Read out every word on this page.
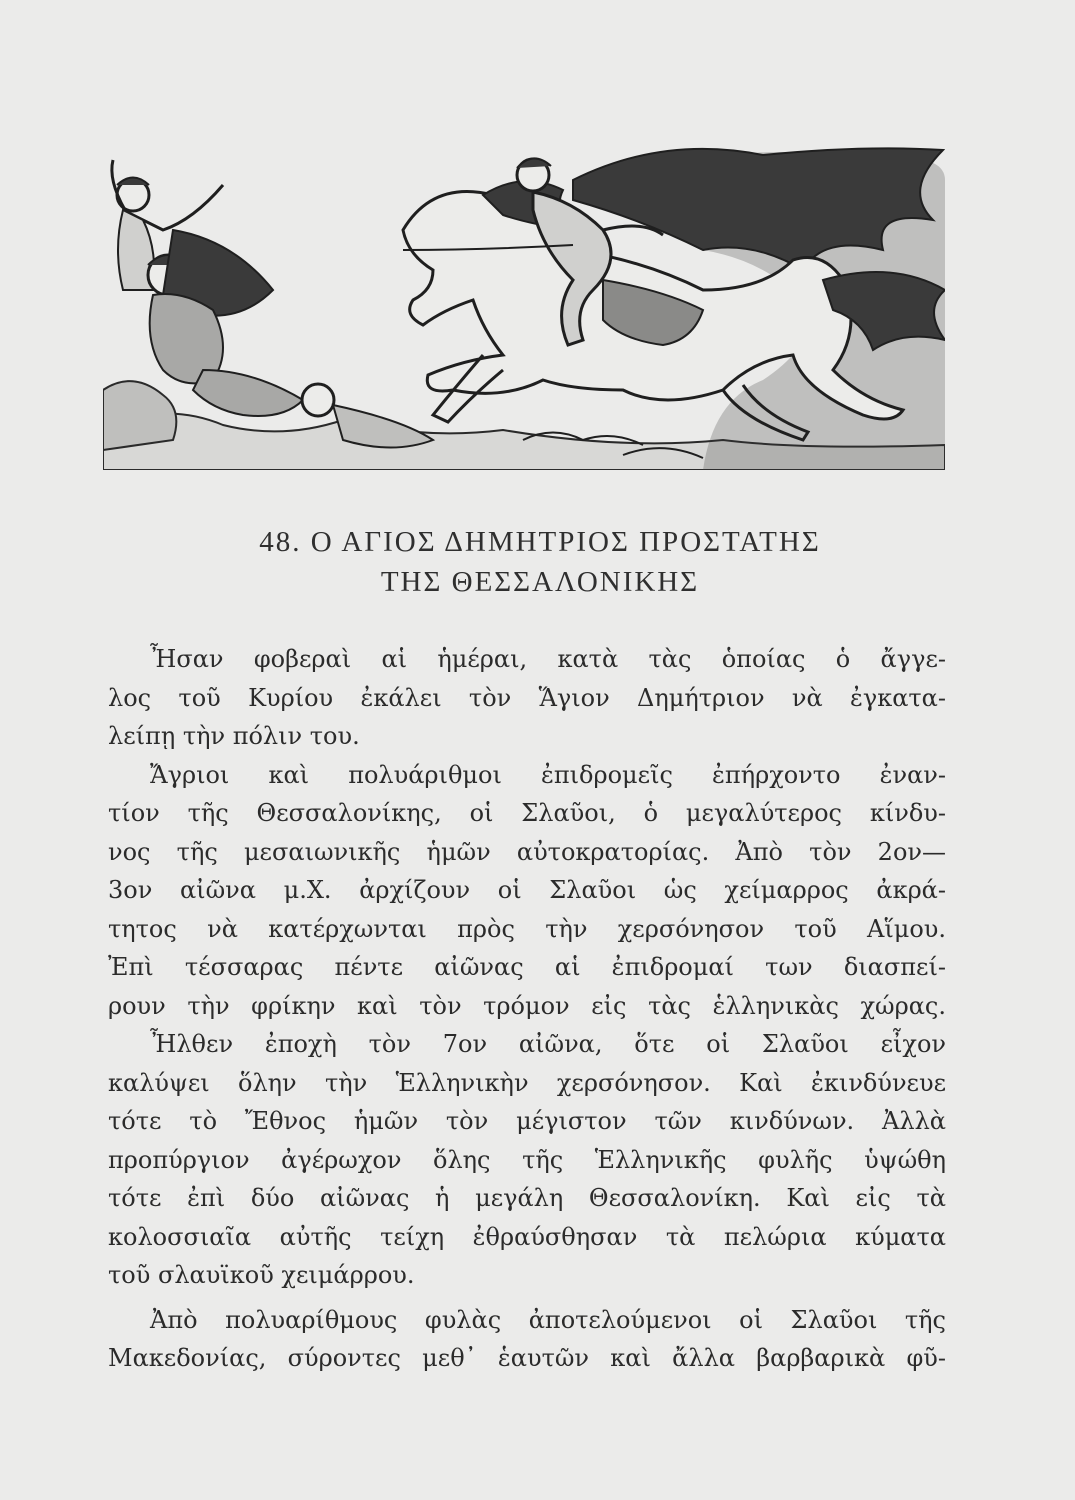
48. Ο ΑΓΙΟΣ ΔΗΜΗΤΡΙΟΣ ΠΡΟΣΤΑΤΗΣ
ΤΗΣ ΘΕΣΣΑΛΟΝΙΚΗΣ

Ἦσαν φοβεραὶ αἱ ἡμέραι, κατὰ τὰς ὁποίας ὁ ἄγγε-
λος τοῦ Κυρίου ἐκάλει τὸν Ἅγιον Δημήτριον νὰ ἐγκατα-
λείπῃ τὴν πόλιν του.

Ἄγριοι καὶ πολυάριθμοι ἐπιδρομεῖς ἐπήρχοντο ἐναν-
τίον τῆς Θεσσαλονίκης, οἱ Σλαῦοι, ὁ μεγαλύτερος κίνδυ-
νος τῆς μεσαιωνικῆς ἡμῶν αὐτοκρατορίας. Ἀπὸ τὸν 2ον—
3ον αἰῶνα μ.Χ. ἀρχίζουν οἱ Σλαῦοι ὡς χείμαρρος ἀκρά-
τητος νὰ κατέρχωνται πρὸς τὴν χερσόνησον τοῦ Αἵμου.
Ἐπὶ τέσσαρας πέντε αἰῶνας αἱ ἐπιδρομαί των διασπεί-
ρουν τὴν φρίκην καὶ τὸν τρόμον εἰς τὰς ἑλληνικὰς χώρας.

Ἦλθεν ἐποχὴ τὸν 7ον αἰῶνα, ὅτε οἱ Σλαῦοι εἶχον
καλύψει ὅλην τὴν Ἑλληνικὴν χερσόνησον. Καὶ ἐκινδύνευε
τότε τὸ Ἔθνος ἡμῶν τὸν μέγιστον τῶν κινδύνων. Ἀλλὰ
προπύργιον ἀγέρωχον ὅλης τῆς Ἑλληνικῆς φυλῆς ὑψώθη
τότε ἐπὶ δύο αἰῶνας ἡ μεγάλη Θεσσαλονίκη. Καὶ εἰς τὰ
κολοσσιαῖα αὐτῆς τείχη ἐθραύσθησαν τὰ πελώρια κύματα
τοῦ σλαυϊκοῦ χειμάρρου.

Ἀπὸ πολυαρίθμους φυλὰς ἀποτελούμενοι οἱ Σλαῦοι τῆς
Μακεδονίας, σύροντες μεθ᾽ ἑαυτῶν καὶ ἄλλα βαρβαρικὰ φῦ-
